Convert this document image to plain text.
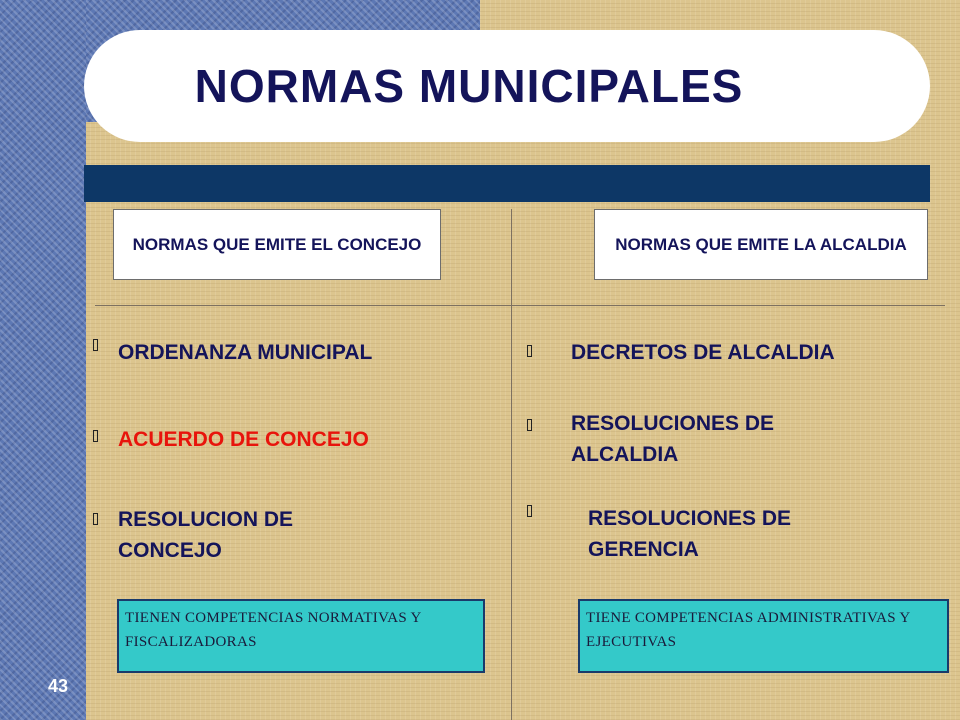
NORMAS MUNICIPALES
NORMAS QUE EMITE EL CONCEJO	NORMAS QUE EMITE LA ALCALDIA

ORDENANZA MUNICIPAL

ACUERDO DE CONCEJO

RESOLUCION DE CONCEJO

DECRETOS DE ALCALDIA

RESOLUCIONES DE ALCALDIA

RESOLUCIONES DE GERENCIA

TIENEN COMPETENCIAS NORMATIVAS Y FISCALIZADORAS
TIENE COMPETENCIAS ADMINISTRATIVAS Y EJECUTIVAS
43
